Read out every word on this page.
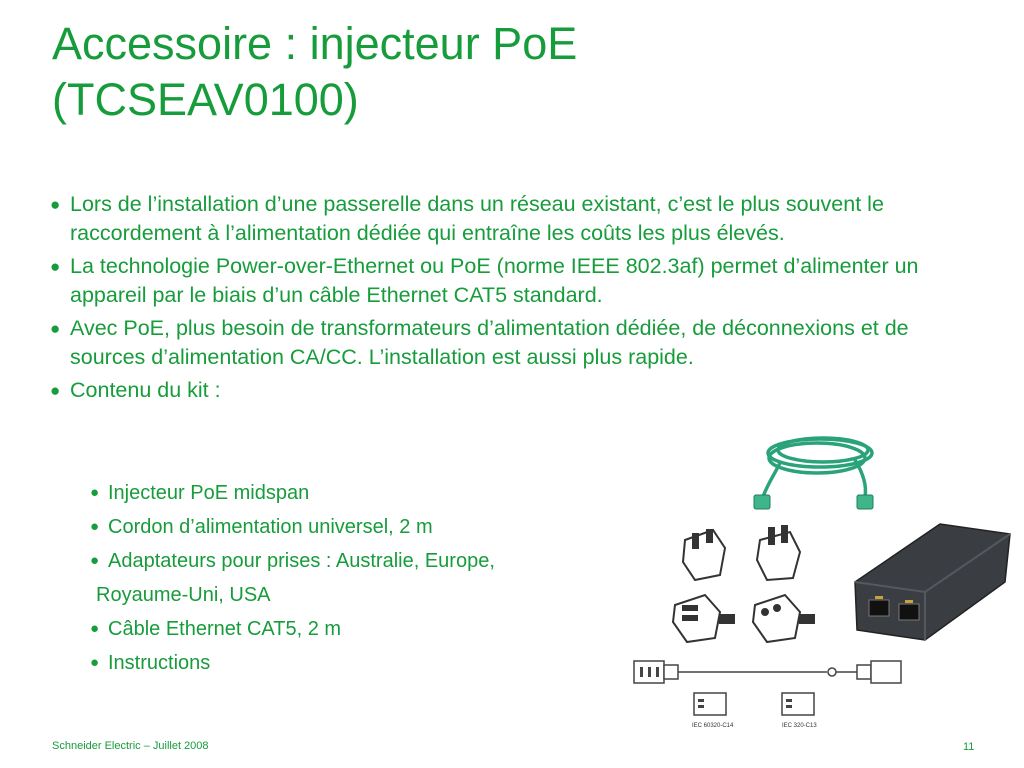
Accessoire : injecteur PoE
(TCSEAV0100)
● Lors de l’installation d’une passerelle dans un réseau existant, c’est le plus souvent le raccordement à l’alimentation dédiée qui entraîne les coûts les plus élevés.
● La technologie Power-over-Ethernet ou PoE (norme IEEE 802.3af) permet d’alimenter un appareil par le biais d’un câble Ethernet CAT5 standard.
● Avec PoE, plus besoin de transformateurs d’alimentation dédiée, de déconnexions et de sources d’alimentation CA/CC. L’installation est aussi plus rapide.
● Contenu du kit :
● Injecteur PoE midspan
● Cordon d’alimentation universel, 2 m
● Adaptateurs pour prises : Australie, Europe,
Royaume-Uni, USA
● Câble Ethernet CAT5, 2 m
● Instructions
IEC 60320-C14	IEC 320-C13
Schneider Electric – Juillet 2008	11
